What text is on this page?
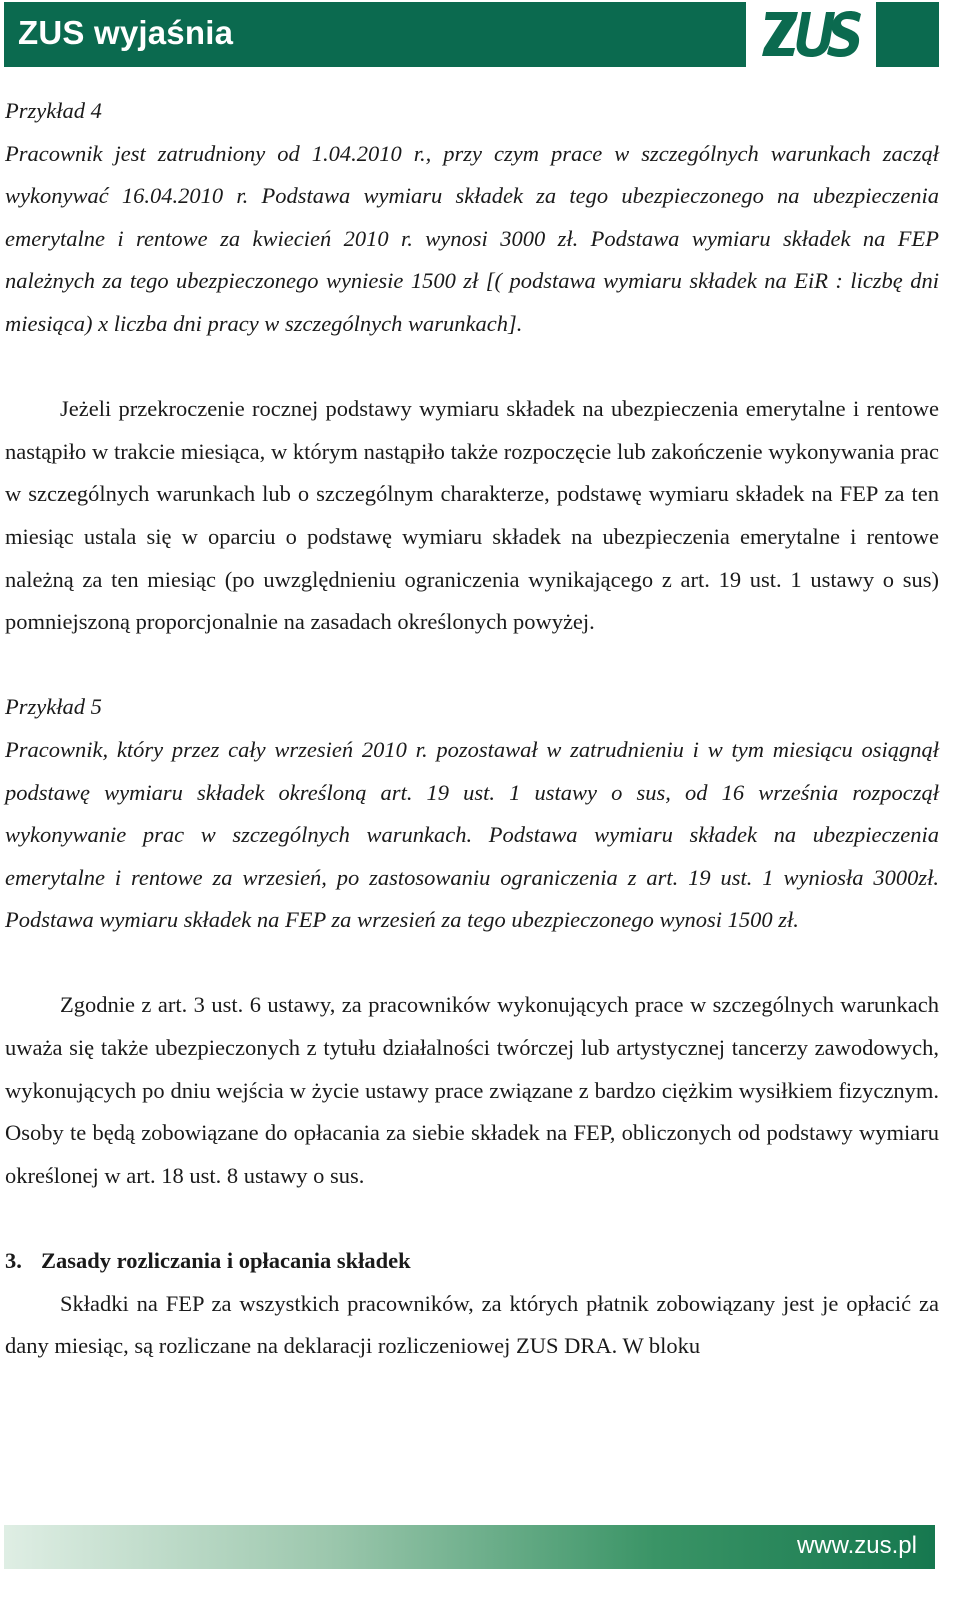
ZUS wyjaśnia

Przykład 4

Pracownik jest zatrudniony od 1.04.2010 r., przy czym prace w szczególnych warunkach zaczął wykonywać 16.04.2010 r. Podstawa wymiaru składek za tego ubezpieczonego na ubezpieczenia emerytalne i rentowe za kwiecień 2010 r. wynosi 3000 zł. Podstawa wymiaru składek na FEP należnych za tego ubezpieczonego wyniesie 1500 zł [( podstawa wymiaru składek na EiR : liczbę dni miesiąca) x liczba dni pracy w szczególnych warunkach].

Jeżeli przekroczenie rocznej podstawy wymiaru składek na ubezpieczenia emerytalne i rentowe nastąpiło w trakcie miesiąca, w którym nastąpiło także rozpoczęcie lub zakończenie wykonywania prac w szczególnych warunkach lub o szczególnym charakterze, podstawę wymiaru składek na FEP za ten miesiąc ustala się w oparciu o podstawę wymiaru składek na ubezpieczenia emerytalne i rentowe należną za ten miesiąc (po uwzględnieniu ograniczenia wynikającego z art. 19 ust. 1 ustawy o sus) pomniejszoną proporcjonalnie na zasadach określonych powyżej.

Przykład 5

Pracownik, który przez cały wrzesień 2010 r. pozostawał w zatrudnieniu i w tym miesiącu osiągnął podstawę wymiaru składek określoną art. 19 ust. 1 ustawy o sus, od 16 września rozpoczął wykonywanie prac w szczególnych warunkach. Podstawa wymiaru składek na ubezpieczenia emerytalne i rentowe za wrzesień, po zastosowaniu ograniczenia z art. 19 ust. 1 wyniosła 3000zł. Podstawa wymiaru składek na FEP za wrzesień za tego ubezpieczonego wynosi 1500 zł.

Zgodnie z art. 3 ust. 6 ustawy, za pracowników wykonujących prace w szczególnych warunkach uważa się także ubezpieczonych z tytułu działalności twórczej lub artystycznej tancerzy zawodowych, wykonujących po dniu wejścia w życie ustawy prace związane z bardzo ciężkim wysiłkiem fizycznym. Osoby te będą zobowiązane do opłacania za siebie składek na FEP, obliczonych od podstawy wymiaru określonej w art. 18 ust. 8 ustawy o sus.

3. Zasady rozliczania i opłacania składek

Składki na FEP za wszystkich pracowników, za których płatnik zobowiązany jest je opłacić za dany miesiąc, są rozliczane na deklaracji rozliczeniowej ZUS DRA. W bloku

www.zus.pl
